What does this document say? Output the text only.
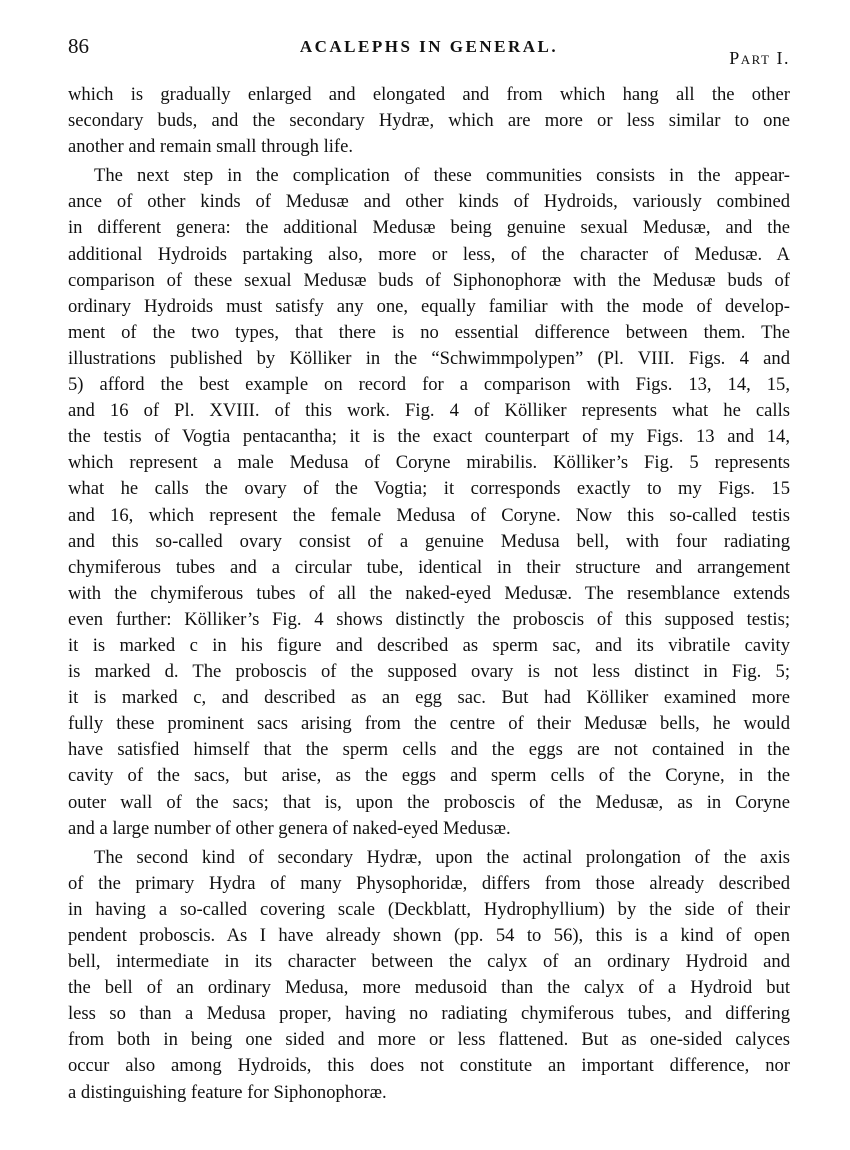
86	ACALEPHS IN GENERAL.
Part I.
which is gradually enlarged and elongated and from which hang all the other
secondary buds, and the secondary Hydræ, which are more or less similar to one
another and remain small through life.
The next step in the complication of these communities consists in the appear-
ance of other kinds of Medusæ and other kinds of Hydroids, variously combined
in different genera: the additional Medusæ being genuine sexual Medusæ, and the
additional Hydroids partaking also, more or less, of the character of Medusæ. A
comparison of these sexual Medusæ buds of Siphonophoræ with the Medusæ buds of
ordinary Hydroids must satisfy any one, equally familiar with the mode of develop-
ment of the two types, that there is no essential difference between them. The
illustrations published by Kölliker in the “Schwimmpolypen” (Pl. VIII. Figs. 4 and
5) afford the best example on record for a comparison with Figs. 13, 14, 15,
and 16 of Pl. XVIII. of this work. Fig. 4 of Kölliker represents what he calls
the testis of Vogtia pentacantha; it is the exact counterpart of my Figs. 13 and 14,
which represent a male Medusa of Coryne mirabilis. Kölliker’s Fig. 5 represents
what he calls the ovary of the Vogtia; it corresponds exactly to my Figs. 15
and 16, which represent the female Medusa of Coryne. Now this so-called testis
and this so-called ovary consist of a genuine Medusa bell, with four radiating
chymiferous tubes and a circular tube, identical in their structure and arrangement
with the chymiferous tubes of all the naked-eyed Medusæ. The resemblance extends
even further: Kölliker’s Fig. 4 shows distinctly the proboscis of this supposed testis;
it is marked c in his figure and described as sperm sac, and its vibratile cavity
is marked d. The proboscis of the supposed ovary is not less distinct in Fig. 5;
it is marked c, and described as an egg sac. But had Kölliker examined more
fully these prominent sacs arising from the centre of their Medusæ bells, he would
have satisfied himself that the sperm cells and the eggs are not contained in the
cavity of the sacs, but arise, as the eggs and sperm cells of the Coryne, in the
outer wall of the sacs; that is, upon the proboscis of the Medusæ, as in Coryne
and a large number of other genera of naked-eyed Medusæ.
The second kind of secondary Hydræ, upon the actinal prolongation of the axis
of the primary Hydra of many Physophoridæ, differs from those already described
in having a so-called covering scale (Deckblatt, Hydrophyllium) by the side of their
pendent proboscis. As I have already shown (pp. 54 to 56), this is a kind of open
bell, intermediate in its character between the calyx of an ordinary Hydroid and
the bell of an ordinary Medusa, more medusoid than the calyx of a Hydroid but
less so than a Medusa proper, having no radiating chymiferous tubes, and differing
from both in being one sided and more or less flattened. But as one-sided calyces
occur also among Hydroids, this does not constitute an important difference, nor
a distinguishing feature for Siphonophoræ.
